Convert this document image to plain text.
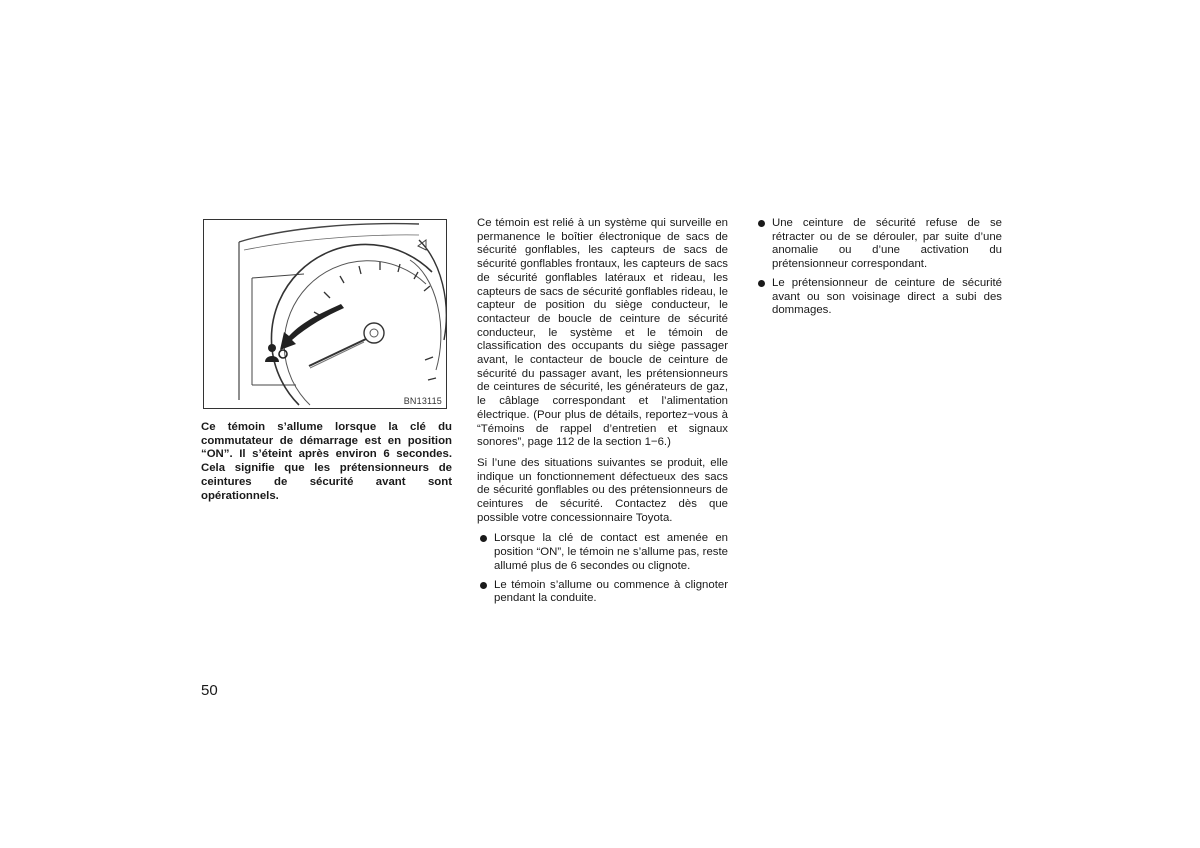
BN13115

Ce témoin s’allume lorsque la clé du commutateur de démarrage est en position “ON”. Il s’éteint après environ 6 secondes. Cela signifie que les prétensionneurs de ceintures de sécurité avant sont opérationnels.

Ce témoin est relié à un système qui surveille en permanence le boîtier électronique de sacs de sécurité gonflables, les capteurs de sacs de sécurité gonflables frontaux, les capteurs de sacs de sécurité gonflables latéraux et rideau, les capteurs de sacs de sécurité gonflables rideau, le capteur de position du siège conducteur, le contacteur de boucle de ceinture de sécurité conducteur, le système et le témoin de classification des occupants du siège passager avant, le contacteur de boucle de ceinture de sécurité du passager avant, les prétensionneurs de ceintures de sécurité, les générateurs de gaz, le câblage correspondant et l’alimentation électrique. (Pour plus de détails, reportez−vous à “Témoins de rappel d’entretien et signaux sonores”, page 112 de la section 1−6.)

Si l’une des situations suivantes se produit, elle indique un fonctionnement défectueux des sacs de sécurité gonflables ou des prétensionneurs de ceintures de sécurité. Contactez dès que possible votre concessionnaire Toyota.

Lorsque la clé de contact est amenée en position “ON”, le témoin ne s’allume pas, reste allumé plus de 6 secondes ou clignote.
Le témoin s’allume ou commence à clignoter pendant la conduite.
Une ceinture de sécurité refuse de se rétracter ou de se dérouler, par suite d’une anomalie ou d’une activation du prétensionneur correspondant.
Le prétensionneur de ceinture de sécurité avant ou son voisinage direct a subi des dommages.
50
